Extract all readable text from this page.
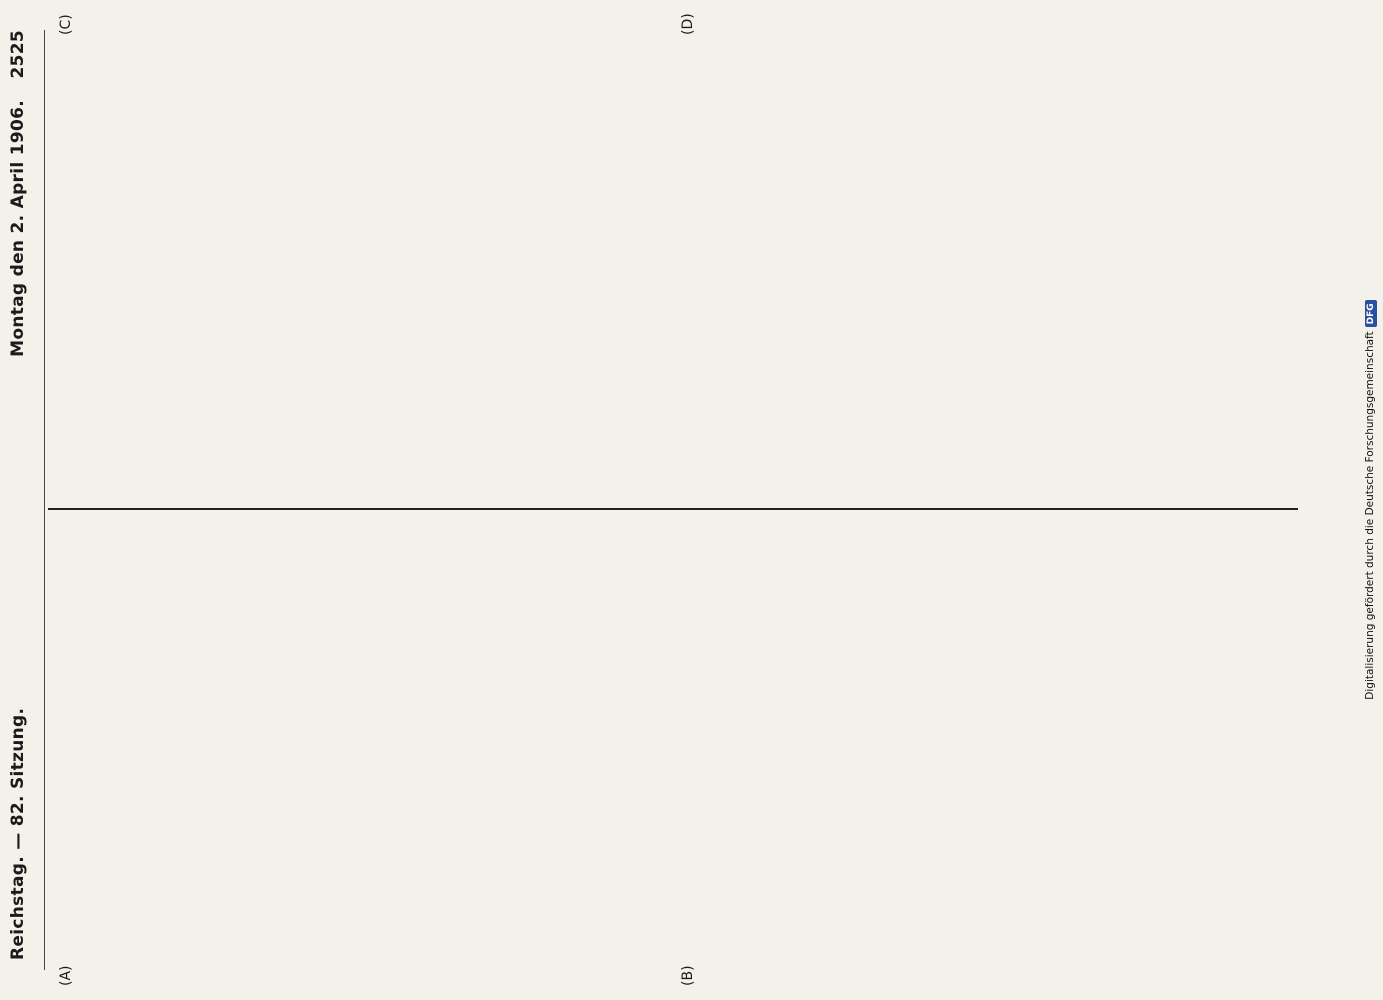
Reichstag. — 82. Sitzung.
Montag den 2. April 1906.
2525
(A)	(B)
(C)	(D)
Digitalisierung gefördert durch die Deutsche ForschungsgemeinschaftDFG
